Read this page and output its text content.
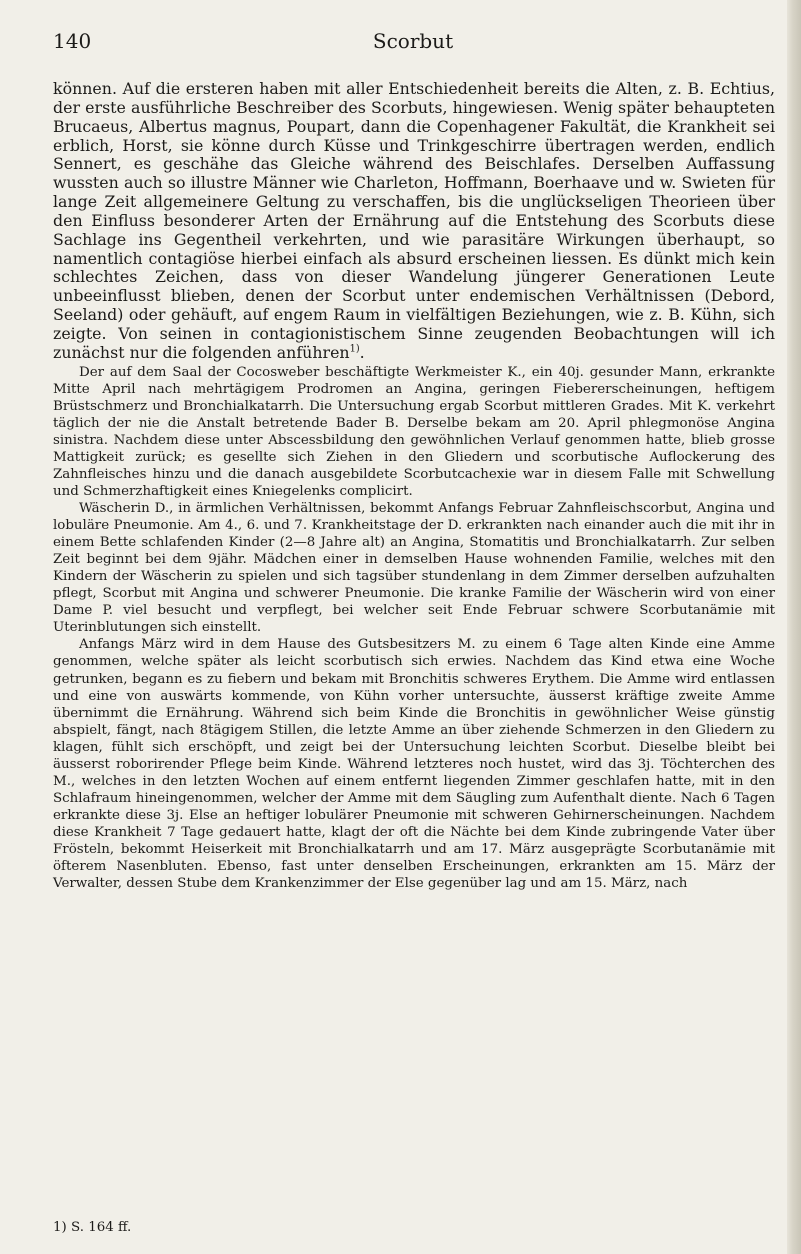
140	Scorbut

können. Auf die ersteren haben mit aller Entschiedenheit bereits die Alten, z. B. Echtius, der erste ausführliche Beschreiber des Scorbuts, hingewiesen. Wenig später behaupteten Brucaeus, Albertus magnus, Poupart, dann die Copenhagener Fakultät, die Krankheit sei erblich, Horst, sie könne durch Küsse und Trinkgeschirre übertragen werden, endlich Sennert, es geschähe das Gleiche während des Beischlafes. Derselben Auffassung wussten auch so illustre Männer wie Charleton, Hoffmann, Boerhaave und w. Swieten für lange Zeit allgemeinere Geltung zu verschaffen, bis die unglückseligen Theorieen über den Einfluss besonderer Arten der Ernährung auf die Entstehung des Scorbuts diese Sachlage ins Gegentheil verkehrten, und wie parasitäre Wirkungen überhaupt, so namentlich contagiöse hierbei einfach als absurd erscheinen liessen. Es dünkt mich kein schlechtes Zeichen, dass von dieser Wandelung jüngerer Generationen Leute unbeeinflusst blieben, denen der Scorbut unter endemischen Verhältnissen (Debord, Seeland) oder gehäuft, auf engem Raum in vielfältigen Beziehungen, wie z. B. Kühn, sich zeigte. Von seinen in contagionistischem Sinne zeugenden Beobachtungen will ich zunächst nur die folgenden anführen$^{1)}$.

Der auf dem Saal der Cocosweber beschäftigte Werkmeister K., ein 40j. gesunder Mann, erkrankte Mitte April nach mehrtägigem Prodromen an Angina, geringen Fiebererscheinungen, heftigem Brüstschmerz und Bronchialkatarrh. Die Untersuchung ergab Scorbut mittleren Grades. Mit K. verkehrt täglich der nie die Anstalt betretende Bader B. Derselbe bekam am 20. April phlegmonöse Angina sinistra. Nachdem diese unter Abscessbildung den gewöhnlichen Verlauf genommen hatte, blieb grosse Mattigkeit zurück; es gesellte sich Ziehen in den Gliedern und scorbutische Auflockerung des Zahnfleisches hinzu und die danach ausgebildete Scorbutcachexie war in diesem Falle mit Schwellung und Schmerzhaftigkeit eines Kniegelenks complicirt.

Wäscherin D., in ärmlichen Verhältnissen, bekommt Anfangs Februar Zahnfleischscorbut, Angina und lobuläre Pneumonie. Am 4., 6. und 7. Krankheitstage der D. erkrankten nach einander auch die mit ihr in einem Bette schlafenden Kinder (2—8 Jahre alt) an Angina, Stomatitis und Bronchialkatarrh. Zur selben Zeit beginnt bei dem 9jähr. Mädchen einer in demselben Hause wohnenden Familie, welches mit den Kindern der Wäscherin zu spielen und sich tagsüber stundenlang in dem Zimmer derselben aufzuhalten pflegt, Scorbut mit Angina und schwerer Pneumonie. Die kranke Familie der Wäscherin wird von einer Dame P. viel besucht und verpflegt, bei welcher seit Ende Februar schwere Scorbutanämie mit Uterinblutungen sich einstellt.

Anfangs März wird in dem Hause des Gutsbesitzers M. zu einem 6 Tage alten Kinde eine Amme genommen, welche später als leicht scorbutisch sich erwies. Nachdem das Kind etwa eine Woche getrunken, begann es zu fiebern und bekam mit Bronchitis schweres Erythem. Die Amme wird entlassen und eine von auswärts kommende, von Kühn vorher untersuchte, äusserst kräftige zweite Amme übernimmt die Ernährung. Während sich beim Kinde die Bronchitis in gewöhnlicher Weise günstig abspielt, fängt, nach 8tägigem Stillen, die letzte Amme an über ziehende Schmerzen in den Gliedern zu klagen, fühlt sich erschöpft, und zeigt bei der Untersuchung leichten Scorbut. Dieselbe bleibt bei äusserst roborirender Pflege beim Kinde. Während letzteres noch hustet, wird das 3j. Töchterchen des M., welches in den letzten Wochen auf einem entfernt liegenden Zimmer geschlafen hatte, mit in den Schlafraum hineingenommen, welcher der Amme mit dem Säugling zum Aufenthalt diente. Nach 6 Tagen erkrankte diese 3j. Else an heftiger lobulärer Pneumonie mit schweren Gehirnerscheinungen. Nachdem diese Krankheit 7 Tage gedauert hatte, klagt der oft die Nächte bei dem Kinde zubringende Vater über Frösteln, bekommt Heiserkeit mit Bronchialkatarrh und am 17. März ausgeprägte Scorbutanämie mit öfterem Nasenbluten. Ebenso, fast unter denselben Erscheinungen, erkrankten am 15. März der Verwalter, dessen Stube dem Krankenzimmer der Else gegenüber lag und am 15. März, nach

1) S. 164 ff.
